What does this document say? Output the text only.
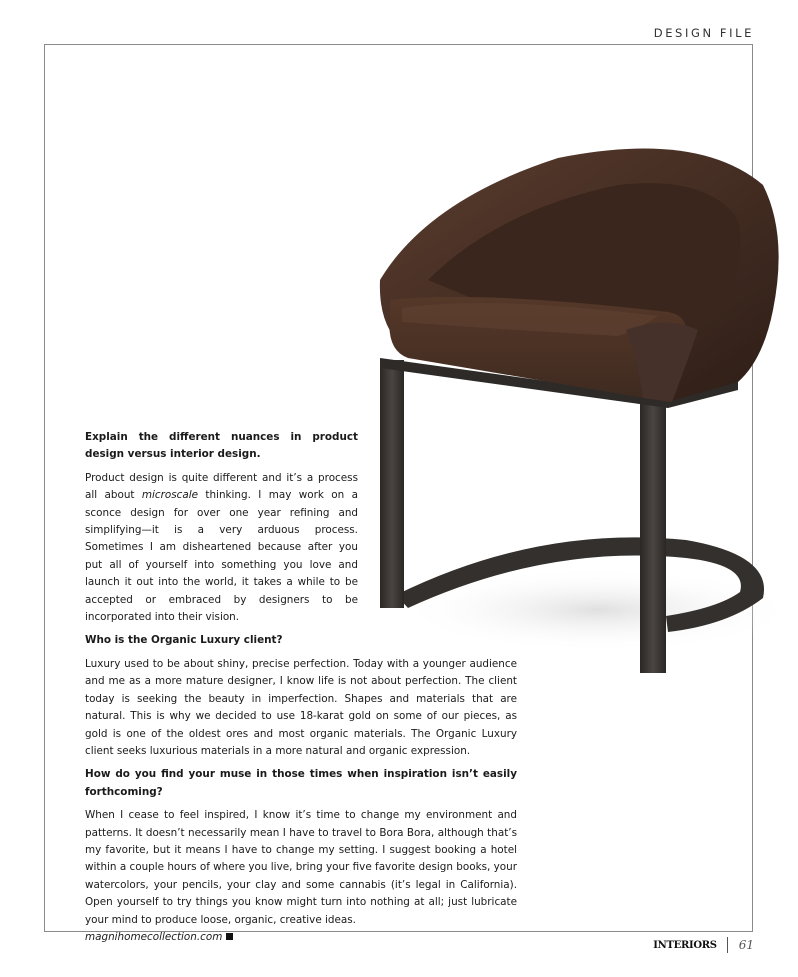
DESIGN FILE

Explain the different nuances in product design versus interior design.

Product design is quite different and it’s a process all about microscale thinking. I may work on a sconce design for over one year refining and simplifying—it is a very arduous process. Sometimes I am disheartened because after you put all of yourself into something you love and launch it out into the world, it takes a while to be accepted or embraced by designers to be incorporated into their vision.

Who is the Organic Luxury client?

Luxury used to be about shiny, precise perfection. Today with a younger audience and me as a more mature designer, I know life is not about perfection. The client today is seeking the beauty in imperfection. Shapes and materials that are natural. This is why we decided to use 18-karat gold on some of our pieces, as gold is one of the oldest ores and most organic materials. The Organic Luxury client seeks luxurious materials in a more natural and organic expression.

How do you find your muse in those times when inspiration isn’t easily forthcoming?

When I cease to feel inspired, I know it’s time to change my environment and patterns. It doesn’t necessarily mean I have to travel to Bora Bora, although that’s my favorite, but it means I have to change my setting. I suggest booking a hotel within a couple hours of where you live, bring your five favorite design books, your watercolors, your pencils, your clay and some cannabis (it’s legal in California). Open yourself to try things you know might turn into nothing at all; just lubricate your mind to produce loose, organic, creative ideas.

magnihomecollection.com

INTERIORS 61
